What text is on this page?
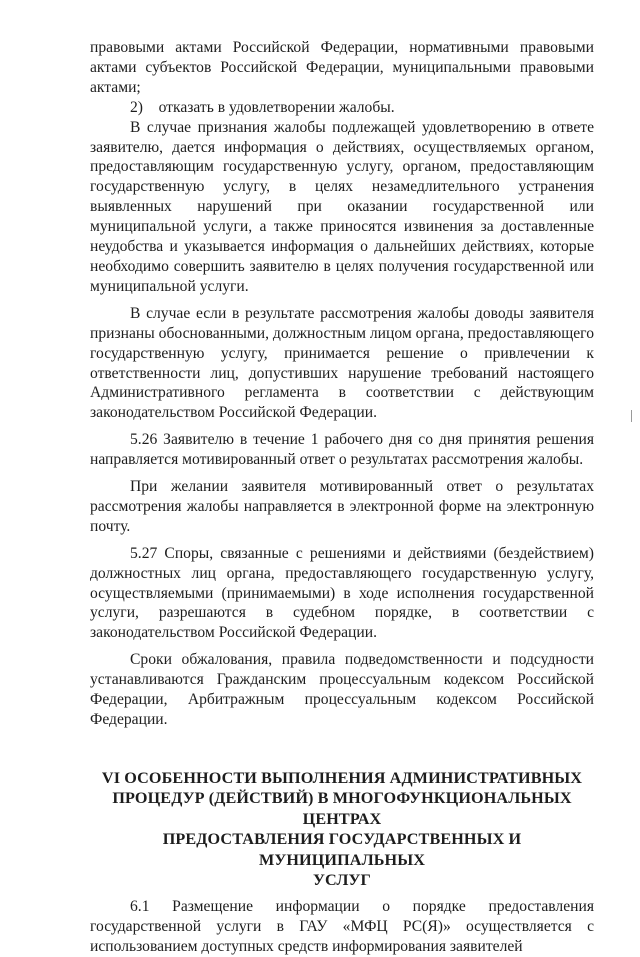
правовыми актами Российской Федерации, нормативными правовыми актами субъектов Российской Федерации, муниципальными правовыми актами;

2)    отказать в удовлетворении жалобы.

В случае признания жалобы подлежащей удовлетворению в ответе заявителю, дается информация о действиях, осуществляемых органом, предоставляющим государственную услугу, органом, предоставляющим государственную услугу, в целях незамедлительного устранения выявленных нарушений при оказании государственной или муниципальной услуги, а также приносятся извинения за доставленные неудобства и указывается информация о дальнейших действиях, которые необходимо совершить заявителю в целях получения государственной или муниципальной услуги.

В случае если в результате рассмотрения жалобы доводы заявителя признаны обоснованными, должностным лицом органа, предоставляющего государственную услугу, принимается решение о привлечении к ответственности лиц, допустивших нарушение требований настоящего Административного регламента в соответствии с действующим законодательством Российской Федерации.

5.26 Заявителю в течение 1 рабочего дня со дня принятия решения направляется мотивированный ответ о результатах рассмотрения жалобы.

При желании заявителя мотивированный ответ о результатах рассмотрения жалобы направляется в электронной форме на электронную почту.

5.27 Споры, связанные с решениями и действиями (бездействием) должностных лиц органа, предоставляющего государственную услугу, осуществляемыми (принимаемыми) в ходе исполнения государственной услуги, разрешаются в судебном порядке, в соответствии с законодательством Российской Федерации.

Сроки обжалования, правила подведомственности и подсудности устанавливаются Гражданским процессуальным кодексом Российской Федерации, Арбитражным процессуальным кодексом Российской Федерации.

VI ОСОБЕННОСТИ ВЫПОЛНЕНИЯ АДМИНИСТРАТИВНЫХ
ПРОЦЕДУР (ДЕЙСТВИЙ) В МНОГОФУНКЦИОНАЛЬНЫХ ЦЕНТРАХ
ПРЕДОСТАВЛЕНИЯ ГОСУДАРСТВЕННЫХ И МУНИЦИПАЛЬНЫХ
УСЛУГ

6.1 Размещение информации о порядке предоставления государственной услуги в ГАУ «МФЦ РС(Я)» осуществляется с использованием доступных средств информирования заявителей
